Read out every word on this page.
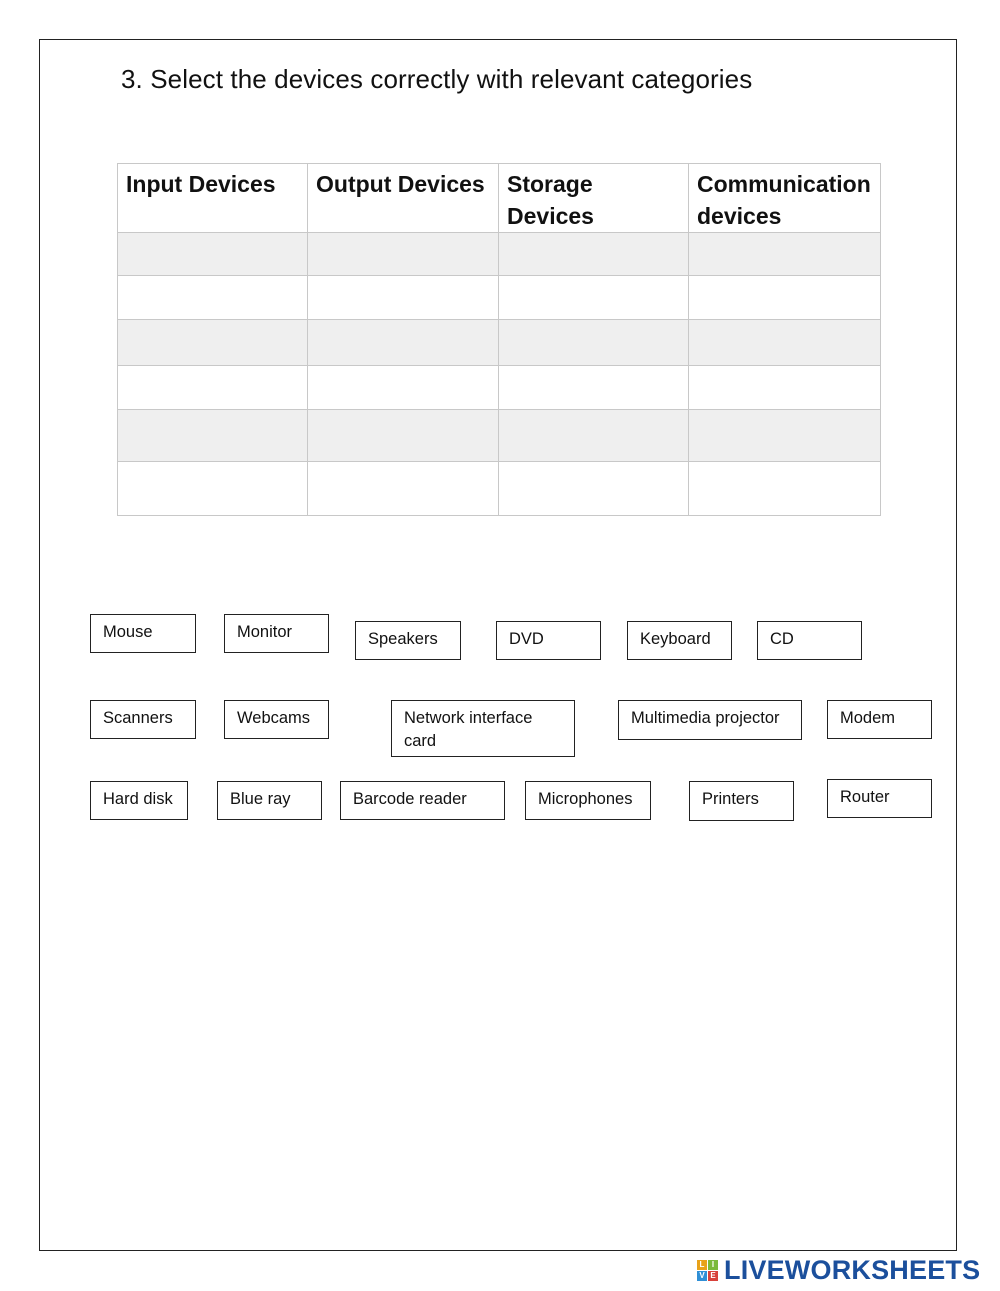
3. Select the devices correctly with relevant categories
Input Devices	Output Devices	Storage Devices	Communication devices

Mouse	Monitor	Speakers	DVD	Keyboard	CD
Scanners	Webcams	Network interface card
Multimedia projector	Modem
Hard disk	Blue ray	Barcode reader	Microphones	Printers	Router
L I
V E LIVEWORKSHEETS
